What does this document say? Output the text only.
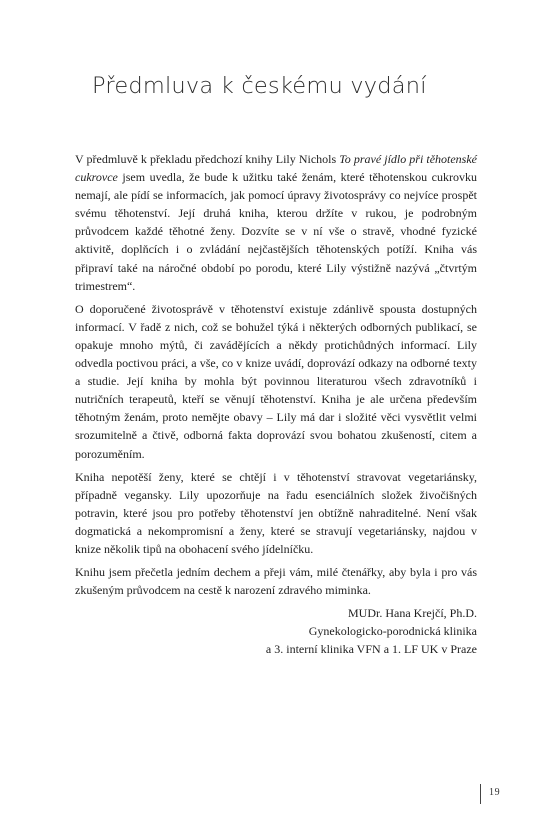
Předmluva k českému vydání

V předmluvě k překladu předchozí knihy Lily Nichols To pravé jídlo při těhotenské cukrovce jsem uvedla, že bude k užitku také ženám, které těhotenskou cukrovku nemají, ale pídí se informacích, jak pomocí úpravy životosprávy co nejvíce prospět svému těhotenství. Její druhá kniha, kterou držíte v rukou, je podrobným průvodcem každé těhotné ženy. Dozvíte se v ní vše o stravě, vhodné fyzické aktivitě, doplňcích i o zvládání nejčastějších těhotenských potíží. Kniha vás připraví také na náročné období po porodu, které Lily výstižně nazývá „čtvrtým trimestrem“.

O doporučené životosprávě v těhotenství existuje zdánlivě spousta dostupných informací. V řadě z nich, což se bohužel týká i některých odborných publikací, se opakuje mnoho mýtů, či zavádějících a někdy protichůdných informací. Lily odvedla poctivou práci, a vše, co v knize uvádí, doprovází odkazy na odborné texty a studie. Její kniha by mohla být povinnou literaturou všech zdravotníků i nutričních terapeutů, kteří se věnují těhotenství. Kniha je ale určena především těhotným ženám, proto nemějte obavy – Lily má dar i složité věci vysvětlit velmi srozumitelně a čtivě, odborná fakta doprovází svou bohatou zkušeností, citem a porozuměním.

Kniha nepotěší ženy, které se chtějí i v těhotenství stravovat vegetariánsky, případně vegansky. Lily upozorňuje na řadu esenciálních složek živočišných potravin, které jsou pro potřeby těhotenství jen obtížně nahraditelné. Není však dogmatická a nekompromisní a ženy, které se stravují vegetariánsky, najdou v knize několik tipů na obohacení svého jídelníčku.

Knihu jsem přečetla jedním dechem a přeji vám, milé čtenářky, aby byla i pro vás zkušeným průvodcem na cestě k narození zdravého miminka.

MUDr. Hana Krejčí, Ph.D.
Gynekologicko-porodnická klinika
a 3. interní klinika VFN a 1. LF UK v Praze
19
